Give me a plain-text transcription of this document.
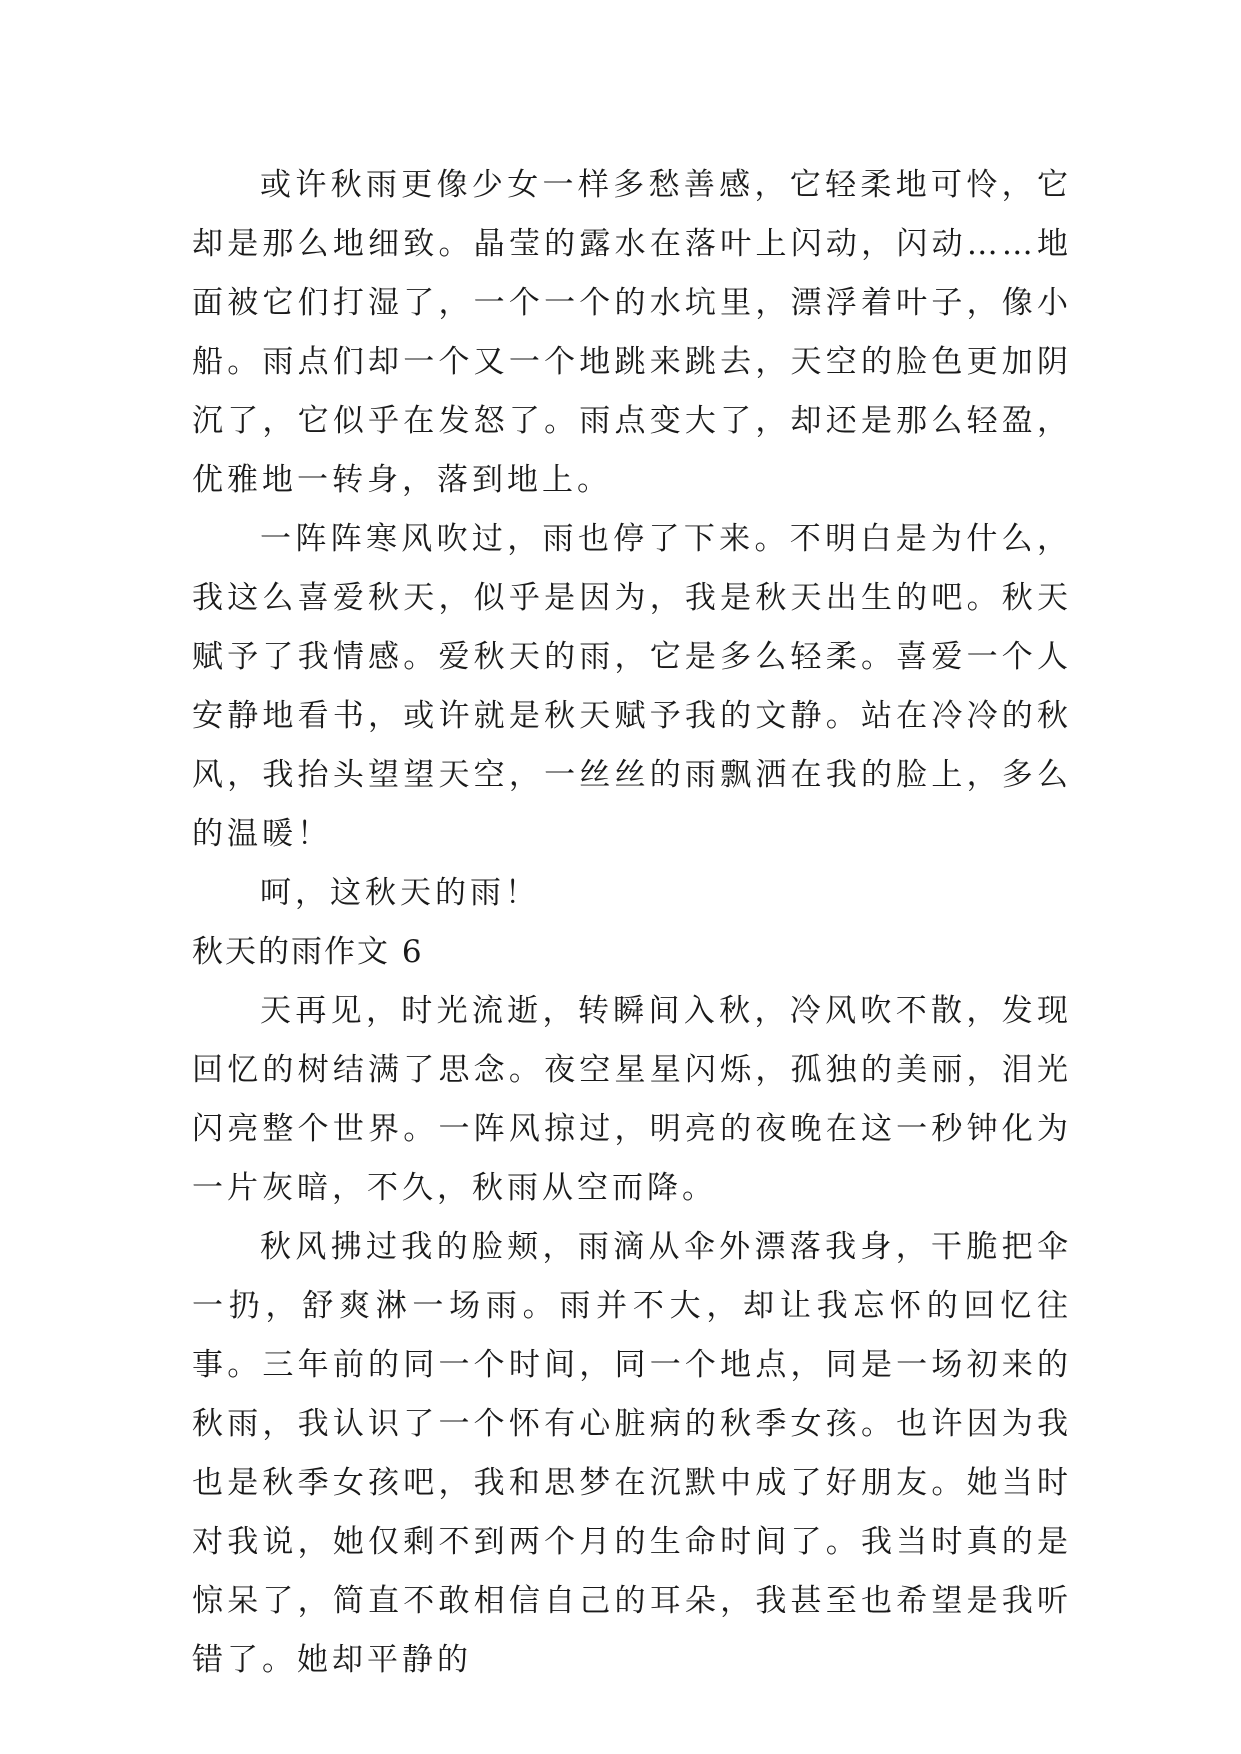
或许秋雨更像少女一样多愁善感，它轻柔地可怜，它却是那么地细致。晶莹的露水在落叶上闪动，闪动……地面被它们打湿了，一个一个的水坑里，漂浮着叶子，像小船。雨点们却一个又一个地跳来跳去，天空的脸色更加阴沉了，它似乎在发怒了。雨点变大了，却还是那么轻盈，优雅地一转身，落到地上。

一阵阵寒风吹过，雨也停了下来。不明白是为什么，我这么喜爱秋天，似乎是因为，我是秋天出生的吧。秋天赋予了我情感。爱秋天的雨，它是多么轻柔。喜爱一个人安静地看书，或许就是秋天赋予我的文静。站在冷冷的秋风，我抬头望望天空，一丝丝的雨飘洒在我的脸上，多么的温暖！

呵，这秋天的雨！

秋天的雨作文 6

天再见，时光流逝，转瞬间入秋，冷风吹不散，发现回忆的树结满了思念。夜空星星闪烁，孤独的美丽，泪光闪亮整个世界。一阵风掠过，明亮的夜晚在这一秒钟化为一片灰暗，不久，秋雨从空而降。

秋风拂过我的脸颊，雨滴从伞外漂落我身，干脆把伞一扔，舒爽淋一场雨。雨并不大，却让我忘怀的回忆往事。三年前的同一个时间，同一个地点，同是一场初来的秋雨，我认识了一个怀有心脏病的秋季女孩。也许因为我也是秋季女孩吧，我和思梦在沉默中成了好朋友。她当时对我说，她仅剩不到两个月的生命时间了。我当时真的是惊呆了，简直不敢相信自己的耳朵，我甚至也希望是我听错了。她却平静的
